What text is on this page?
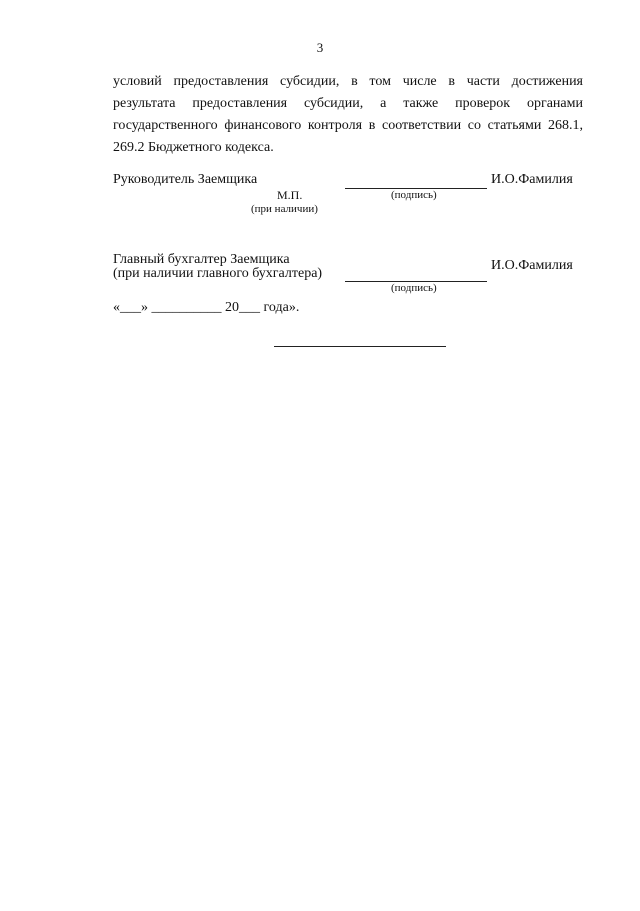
3
условий предоставления субсидии, в том числе в части достижения
результата предоставления субсидии, а также проверок органами
государственного финансового контроля в соответствии со статьями 268.1,
269.2 Бюджетного кодекса.
Руководитель Заемщика	И.О.Фамилия
М.П.	(подпись)
(при наличии)
Главный бухгалтер Заемщика
(при наличии главного бухгалтера)
И.О.Фамилия
(подпись)
«___» __________ 20___ года».
